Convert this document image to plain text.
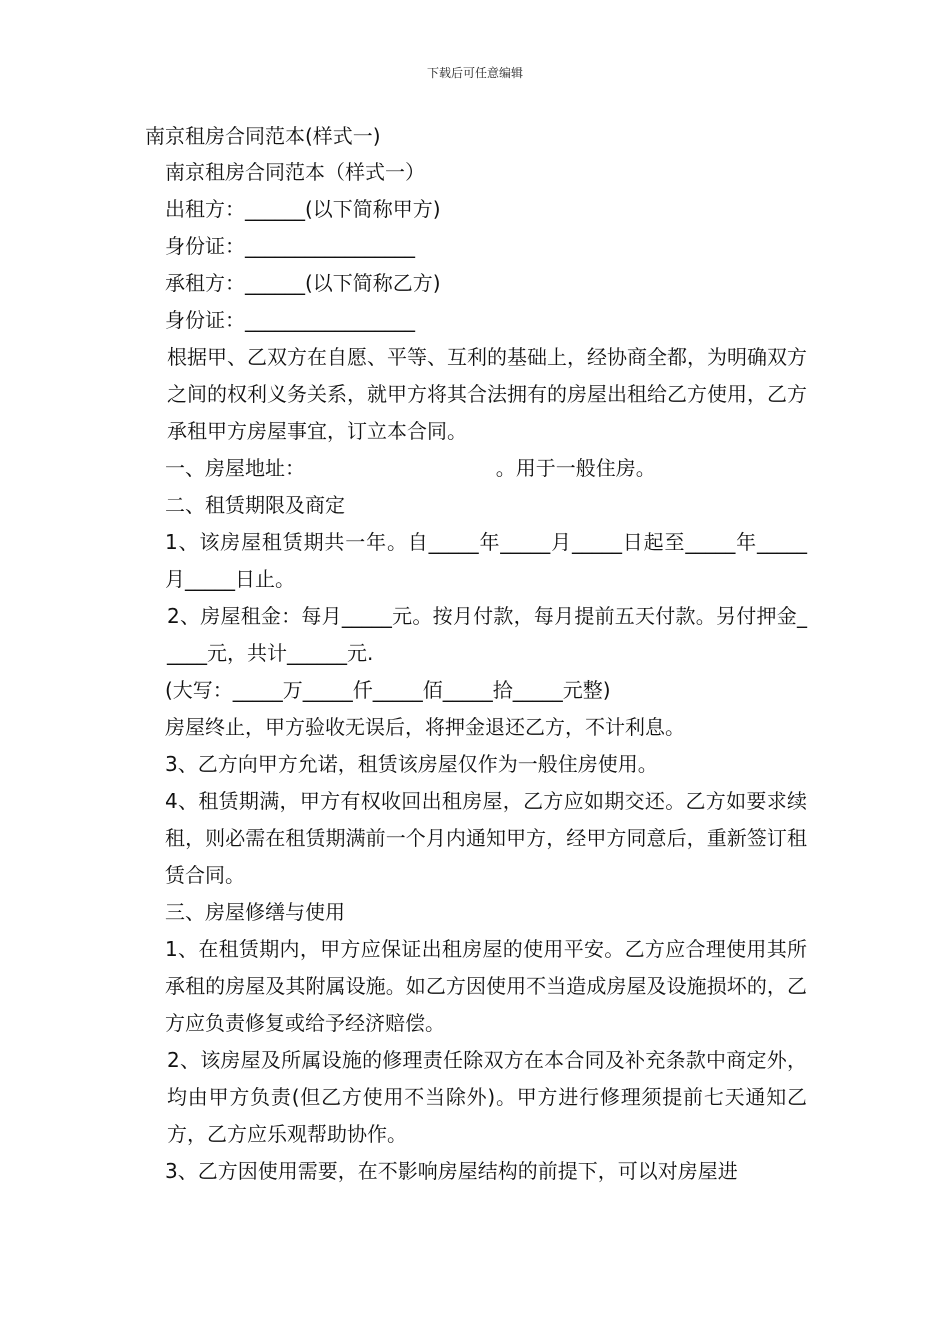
下载后可任意编辑
南京租房合同范本(样式一)

南京租房合同范本（样式一）

出租方：______(以下简称甲方)

身份证：_________________

承租方：______(以下简称乙方)

身份证：_________________

根据甲、乙双方在自愿、平等、互利的基础上，经协商全都，为明确双方之间的权利义务关系，就甲方将其合法拥有的房屋出租给乙方使用，乙方承租甲方房屋事宜，订立本合同。

一、房屋地址：                              。用于一般住房。

二、租赁期限及商定

1、该房屋租赁期共一年。自_____年_____月_____日起至_____年_____月_____日止。

2、房屋租金：每月_____元。按月付款，每月提前五天付款。另付押金_____元，共计______元.

(大写：_____万_____仟_____佰_____拾_____元整)

房屋终止，甲方验收无误后，将押金退还乙方，不计利息。

3、乙方向甲方允诺，租赁该房屋仅作为一般住房使用。

4、租赁期满，甲方有权收回出租房屋，乙方应如期交还。乙方如要求续租，则必需在租赁期满前一个月内通知甲方，经甲方同意后，重新签订租赁合同。

三、房屋修缮与使用

1、在租赁期内，甲方应保证出租房屋的使用平安。乙方应合理使用其所承租的房屋及其附属设施。如乙方因使用不当造成房屋及设施损坏的，乙方应负责修复或给予经济赔偿。

2、该房屋及所属设施的修理责任除双方在本合同及补充条款中商定外，均由甲方负责(但乙方使用不当除外)。甲方进行修理须提前七天通知乙方，乙方应乐观帮助协作。

3、乙方因使用需要，在不影响房屋结构的前提下，可以对房屋进
